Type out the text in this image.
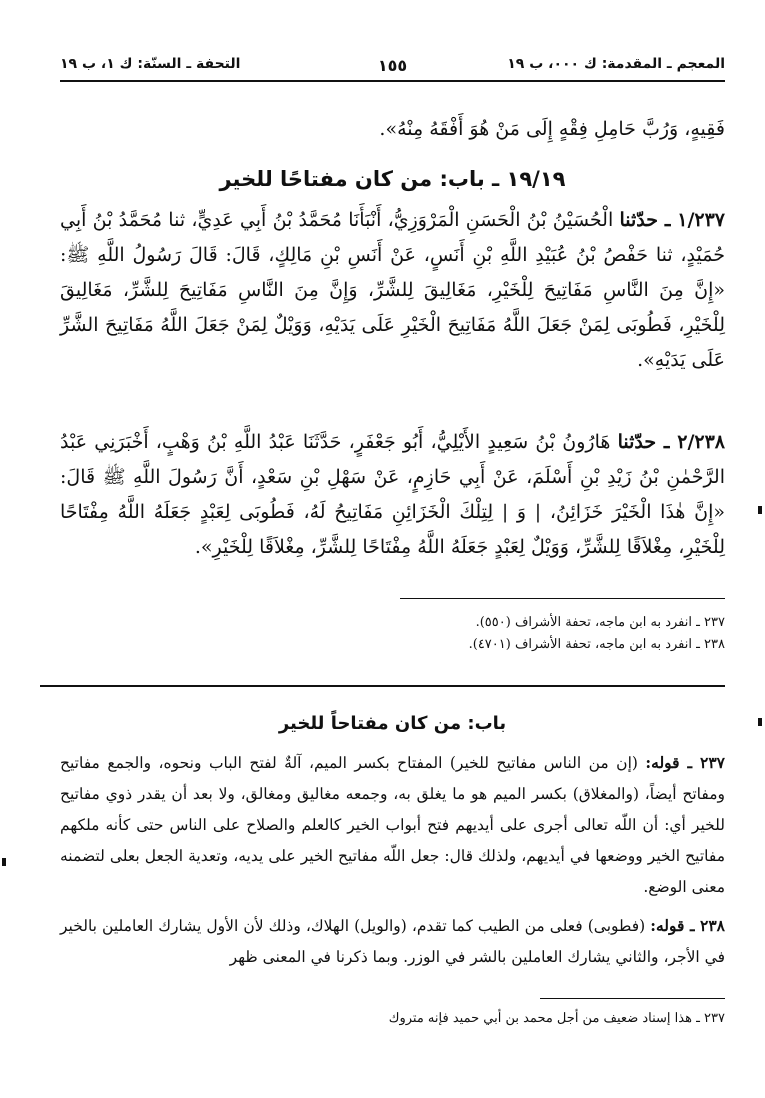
المعجم ـ المقدمة: ك ۰۰۰، ب ۱۹
١٥٥
التحفة ـ السنّة: ك ١، ب ١٩
فَقِيهٍ، وَرُبَّ حَامِلِ فِقْهٍ إِلَى مَنْ هُوَ أَفْقَهُ مِنْهُ».
١٩/١٩ ـ باب: من كان مفتاحًا للخير
١/٢٣٧ ـ حدّثنا الْحُسَيْنُ بْنُ الْحَسَنِ الْمَرْوَزِيُّ، أَنْبَأَنَا مُحَمَّدُ بْنُ أَبِي عَدِيٍّ، ثنا مُحَمَّدُ بْنُ أَبِي حُمَيْدٍ، ثنا حَفْصُ بْنُ عُبَيْدِ اللَّهِ بْنِ أَنَسٍ، عَنْ أَنَسِ بْنِ مَالِكٍ، قَالَ: قَالَ رَسُولُ اللَّهِ ﷺ: «إِنَّ مِنَ النَّاسِ مَفَاتِيحَ لِلْخَيْرِ، مَغَالِيقَ لِلشَّرِّ، وَإِنَّ مِنَ النَّاسِ مَفَاتِيحَ لِلشَّرِّ، مَغَالِيقَ لِلْخَيْرِ، فَطُوبَى لِمَنْ جَعَلَ اللَّهُ مَفَاتِيحَ الْخَيْرِ عَلَى يَدَيْهِ، وَوَيْلٌ لِمَنْ جَعَلَ اللَّهُ مَفَاتِيحَ الشَّرِّ عَلَى يَدَيْهِ».
٢/٢٣٨ ـ حدّثنا هَارُونُ بْنُ سَعِيدٍ الأَيْلِيُّ، أَبُو جَعْفَرٍ، حَدَّثَنَا عَبْدُ اللَّهِ بْنُ وَهْبٍ، أَخْبَرَنِي عَبْدُ الرَّحْمٰنِ بْنُ زَيْدِ بْنِ أَسْلَمَ، عَنْ أَبِي حَازِمٍ، عَنْ سَهْلِ بْنِ سَعْدٍ، أَنَّ رَسُولَ اللَّهِ ﷺ قَالَ: «إِنَّ هٰذَا الْخَيْرَ خَزَائِنُ، | وَ | لِتِلْكَ الْخَزَائِنِ مَفَاتِيحُ لَهُ، فَطُوبَى لِعَبْدٍ جَعَلَهُ اللَّهُ مِفْتَاحًا لِلْخَيْرِ، مِغْلاَقًا لِلشَّرِّ، وَوَيْلٌ لِعَبْدٍ جَعَلَهُ اللَّهُ مِفْتَاحًا لِلشَّرِّ، مِغْلاَقًا لِلْخَيْرِ».
٢٣٧ ـ انفرد به ابن ماجه، تحفة الأشراف (٥٥٠).
٢٣٨ ـ انفرد به ابن ماجه، تحفة الأشراف (٤٧٠١).
باب: من كان مفتاحاً للخير
٢٣٧ ـ قوله: (إن من الناس مفاتيح للخير) المفتاح بكسر الميم، آلةٌ لفتح الباب ونحوه، والجمع مفاتيح ومفاتح أيضاً، (والمغلاق) بكسر الميم هو ما يغلق به، وجمعه مغاليق ومغالق، ولا بعد أن يقدر ذوي مفاتيح للخير أي: أن اللّه تعالى أجرى على أيديهم فتح أبواب الخير كالعلم والصلاح على الناس حتى كأنه ملكهم مفاتيح الخير ووضعها في أيديهم، ولذلك قال: جعل اللّه مفاتيح الخير على يديه، وتعدية الجعل بعلى لتضمنه معنى الوضع.
٢٣٨ ـ قوله: (فطوبى) فعلى من الطيب كما تقدم، (والويل) الهلاك، وذلك لأن الأول يشارك العاملين بالخير في الأجر، والثاني يشارك العاملين بالشر في الوزر. وبما ذكرنا في المعنى ظهر
٢٣٧ ـ هذا إسناد ضعيف من أجل محمد بن أبي حميد فإنه متروك
